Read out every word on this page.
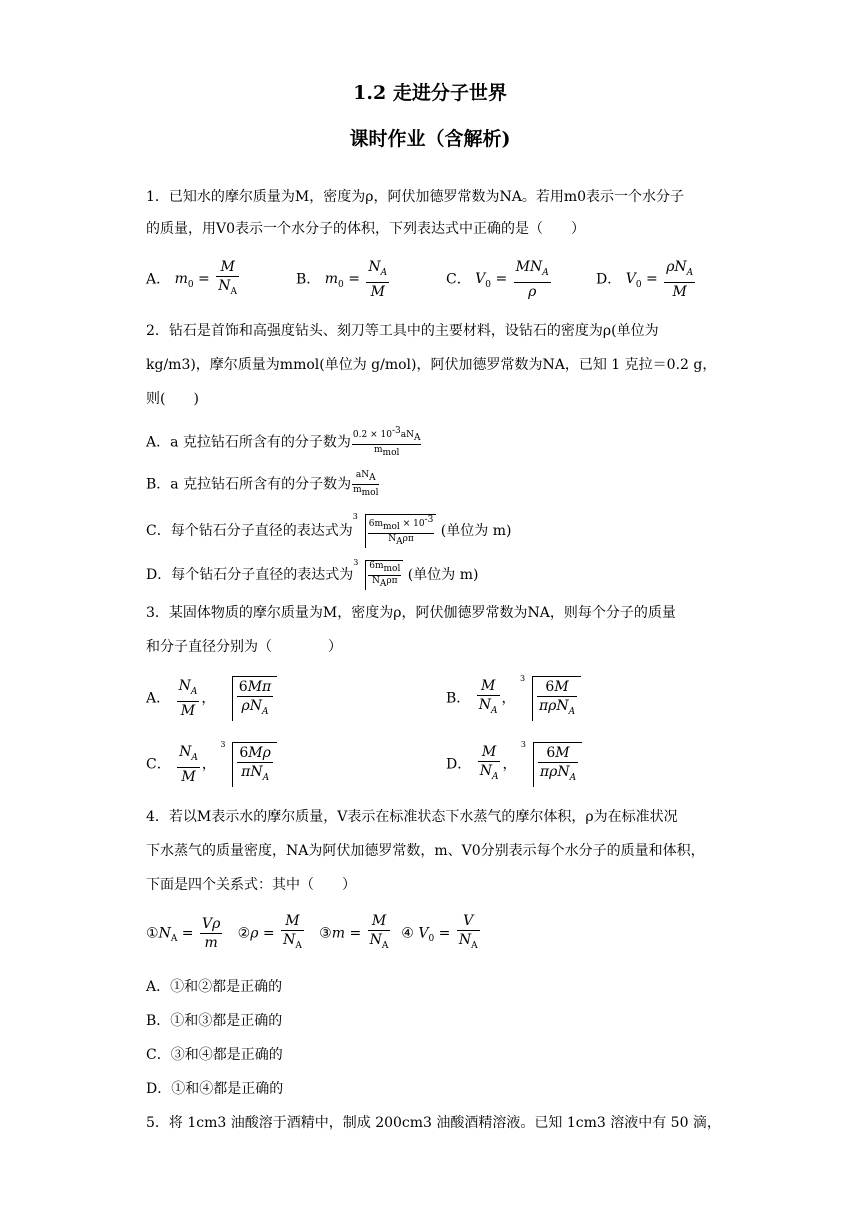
1.2 走进分子世界
课时作业（含解析)
1．已知水的摩尔质量为M，密度为ρ，阿伏加德罗常数为NA。若用m0表示一个水分子
的质量，用V0表示一个水分子的体积，下列表达式中正确的是（　　）
A． $m_0 = \frac{M}{N_A}$	B． $m_0 = \frac{N_A}{M}$	C． $V_0 = \frac{MN_A}{\rho}$	D． $V_0 = \frac{\rho N_A}{M}$
2．钻石是首饰和高强度钻头、刻刀等工具中的主要材料，设钻石的密度为ρ(单位为
kg/m3)，摩尔质量为mmol(单位为 g/mol)，阿伏加德罗常数为NA，已知 1 克拉＝0.2 g，
则(　　)
A．a 克拉钻石所含有的分子数为 $0.2 \times 10^{-3}aN_A$
$m_{mol}$
B．a 克拉钻石所含有的分子数为
$aN_A$
$m_{mol}$
C．每个钻石分子直径的表达式为
3
$6m_{mol} \times 10^{-3}$
$N_A\rho\pi$	(单位为 m)
D．每个钻石分子直径的表达式为
3 $6m_{mol}$
$N_A\rho\pi$ (单位为 m)
3．某固体物质的摩尔质量为M，密度为ρ，阿伏伽德罗常数为NA，则每个分子的质量
和分子直径分别为（　　　　）
A． $\frac{N_A}{M}$ ， $\frac{6M\pi}{\rho N_A}$	B． $\frac{M}{N_A}$ ，
$3 \frac{6M}{\pi\rho N_A}$
C． $\frac{N_A}{M}$ ，
$3 \frac{6M\rho}{\pi N_A}$	D． $\frac{M}{N_A}$ ，
$3 \frac{6M}{\pi\rho N_A}$
4．若以M表示水的摩尔质量，V表示在标准状态下水蒸气的摩尔体积，ρ为在标准状况
下水蒸气的质量密度，NA为阿伏加德罗常数，m、V0分别表示每个水分子的质量和体积，
下面是四个关系式：其中（　　）
$①N_A = \frac{V\rho}{m}$ ②ρ = $\frac{M}{N_A}$ ③m = $\frac{M}{N_A}$ ④ $V_0 = \frac{V}{N_A}$
A．①和②都是正确的
B．①和③都是正确的
C．③和④都是正确的
D．①和④都是正确的
5．将 1cm3 油酸溶于酒精中，制成 200cm3 油酸酒精溶液。已知 1cm3 溶液中有 50 滴，
